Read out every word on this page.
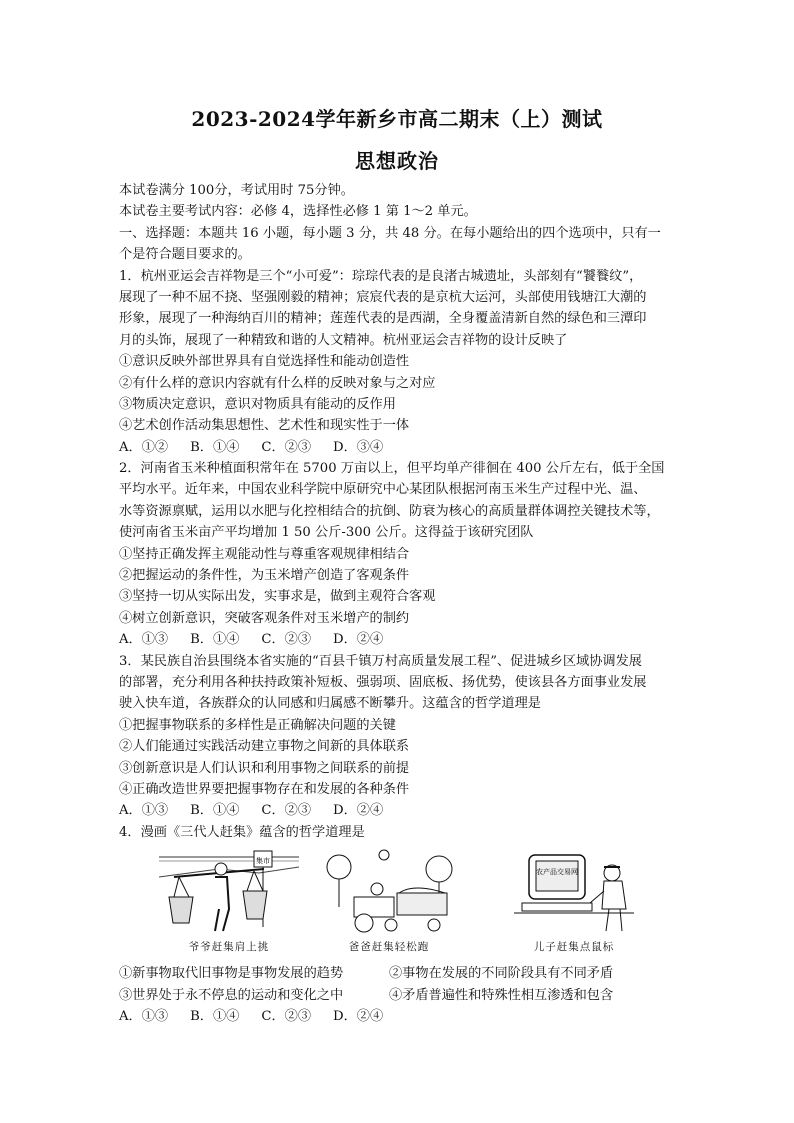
2023-2024学年新乡市高二期末（上）测试
思想政治
本试卷满分 100分，考试用时 75分钟。
本试卷主要考试内容：必修 4，选择性必修 1 第 1～2 单元。
一、选择题：本题共 16 小题，每小题 3 分，共 48 分。在每小题给出的四个选项中，只有一
个是符合题目要求的。
1．杭州亚运会吉祥物是三个“小可爱”：琮琮代表的是良渚古城遗址，头部刻有“饕餮纹”，
展现了一种不屈不挠、坚强刚毅的精神；宸宸代表的是京杭大运河，头部使用钱塘江大潮的
形象，展现了一种海纳百川的精神；莲莲代表的是西湖，全身覆盖清新自然的绿色和三潭印
月的头饰，展现了一种精致和谐的人文精神。杭州亚运会吉祥物的设计反映了
①意识反映外部世界具有自觉选择性和能动创造性
②有什么样的意识内容就有什么样的反映对象与之对应
③物质决定意识，意识对物质具有能动的反作用
④艺术创作活动集思想性、艺术性和现实性于一体
A．①② B．①④ C．②③ D．③④
2．河南省玉米种植面积常年在 5700 万亩以上，但平均单产徘徊在 400 公斤左右，低于全国
平均水平。近年来，中国农业科学院中原研究中心某团队根据河南玉米生产过程中光、温、
水等资源禀赋，运用以水肥与化控相结合的抗倒、防衰为核心的高质量群体调控关键技术等，
使河南省玉米亩产平均增加 1 50 公斤-300 公斤。这得益于该研究团队
①坚持正确发挥主观能动性与尊重客观规律相结合
②把握运动的条件性，为玉米增产创造了客观条件
③坚持一切从实际出发，实事求是，做到主观符合客观
④树立创新意识，突破客观条件对玉米增产的制约
A．①③ B．①④ C．②③ D．②④
3．某民族自治县围绕本省实施的“百县千镇万村高质量发展工程”、促进城乡区域协调发展
的部署，充分利用各种扶持政策补短板、强弱项、固底板、扬优势，使该县各方面事业发展
驶入快车道，各族群众的认同感和归属感不断攀升。这蕴含的哲学道理是
①把握事物联系的多样性是正确解决问题的关键
②人们能通过实践活动建立事物之间新的具体联系
③创新意识是人们认识和利用事物之间联系的前提
④正确改造世界要把握事物存在和发展的各种条件
A．①③ B．①④ C．②③ D．②④
4．漫画《三代人赶集》蕴含的哲学道理是
集市
爷爷赶集肩上挑	爸爸赶集轻松跑
农产品交易网
儿子赶集点鼠标
①新事物取代旧事物是事物发展的趋势	②事物在发展的不同阶段具有不同矛盾
③世界处于永不停息的运动和变化之中	④矛盾普遍性和特殊性相互渗透和包含
A．①③ B．①④ C．②③ D．②④
